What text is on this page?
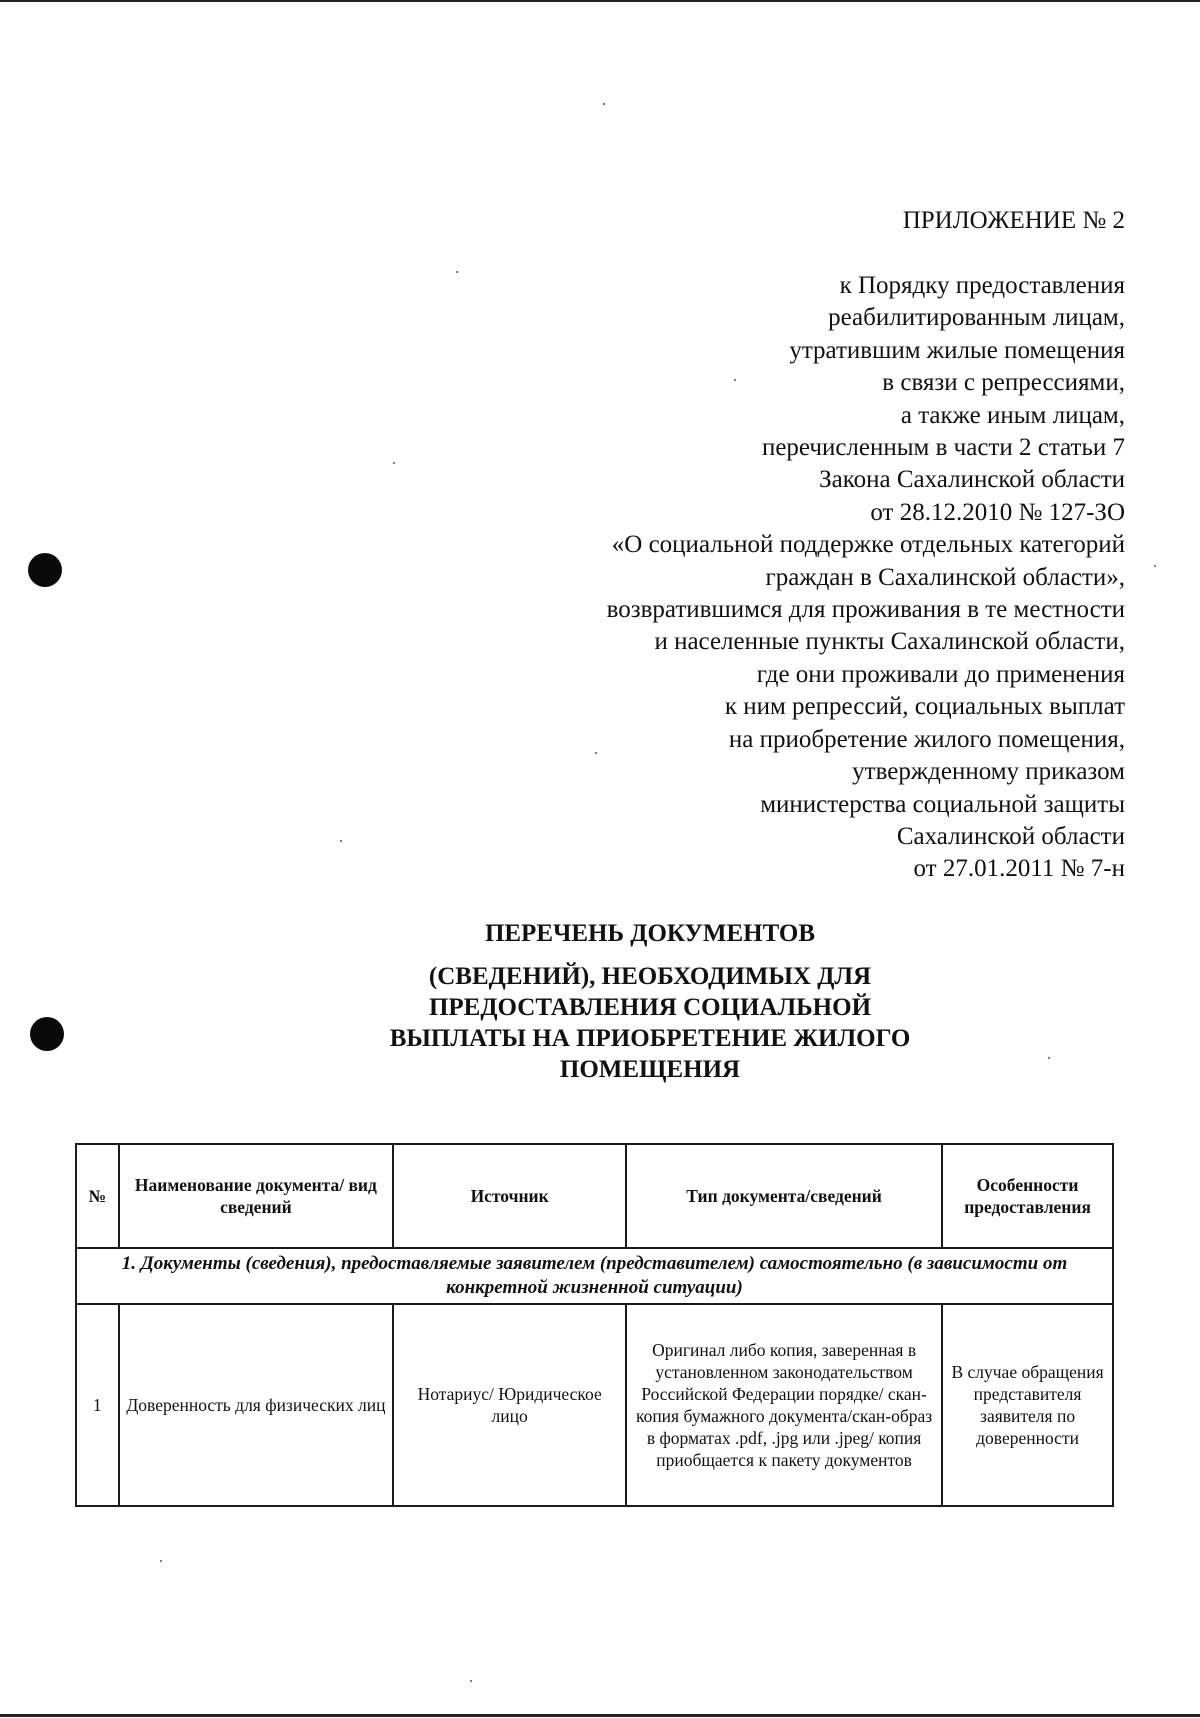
ПРИЛОЖЕНИЕ № 2
к Порядку предоставления
реабилитированным лицам,
утратившим жилые помещения
в связи с репрессиями,
а также иным лицам,
перечисленным в части 2 статьи 7
Закона Сахалинской области
от 28.12.2010 № 127-ЗО
«О социальной поддержке отдельных категорий
граждан в Сахалинской области»,
возвратившимся для проживания в те местности
и населенные пункты Сахалинской области,
где они проживали до применения
к ним репрессий, социальных выплат
на приобретение жилого помещения,
утвержденному приказом
министерства социальной защиты
Сахалинской области
от 27.01.2011 № 7-н
ПЕРЕЧЕНЬ ДОКУМЕНТОВ
(СВЕДЕНИЙ), НЕОБХОДИМЫХ ДЛЯ
ПРЕДОСТАВЛЕНИЯ СОЦИАЛЬНОЙ
ВЫПЛАТЫ НА ПРИОБРЕТЕНИЕ ЖИЛОГО
ПОМЕЩЕНИЯ
№	Наименование документа/ вид сведений	Источник	Тип документа/сведений	Особенности предоставления
1. Документы (сведения), предоставляемые заявителем (представителем) самостоятельно (в зависимости от конкретной жизненной ситуации)				
1	Доверенность для физических лиц	Нотариус/ Юридическое лицо	Оригинал либо копия, заверенная в установленном законодательством Российской Федерации порядке/ скан-копия бумажного документа/скан-образ в форматах .pdf, .jpg или .jpeg/ копия приобщается к пакету документов	В случае обращения представителя заявителя по доверенности
